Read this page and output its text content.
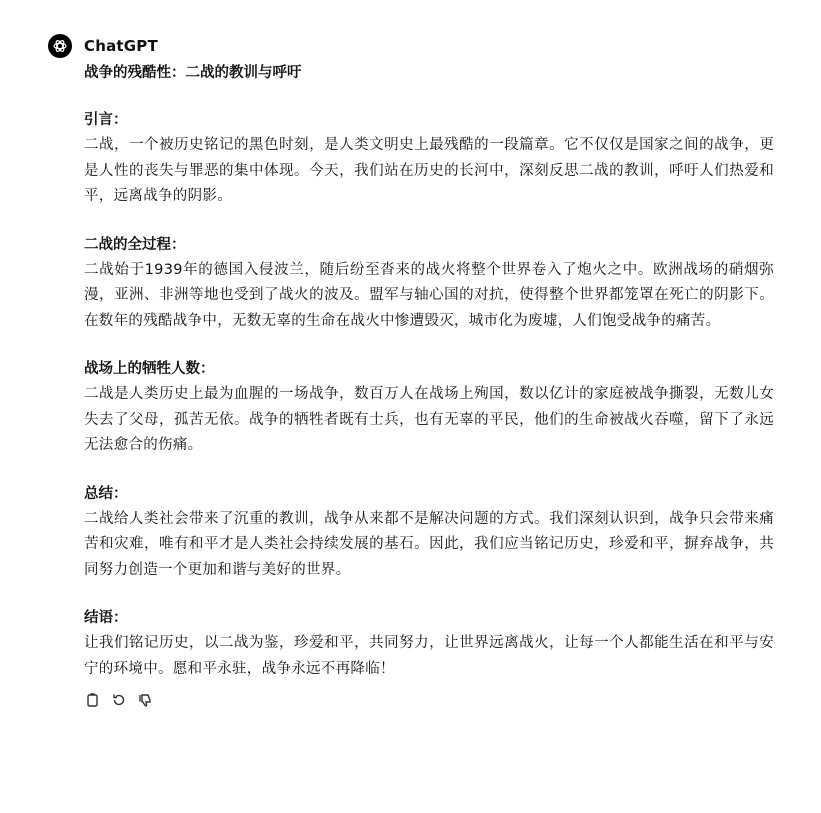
ChatGPT
战争的残酷性：二战的教训与呼吁
引言：
二战，一个被历史铭记的黑色时刻，是人类文明史上最残酷的一段篇章。它不仅仅是国家之间的战争，更是人性的丧失与罪恶的集中体现。今天，我们站在历史的长河中，深刻反思二战的教训，呼吁人们热爱和平，远离战争的阴影。
二战的全过程：
二战始于1939年的德国入侵波兰，随后纷至沓来的战火将整个世界卷入了炮火之中。欧洲战场的硝烟弥漫，亚洲、非洲等地也受到了战火的波及。盟军与轴心国的对抗，使得整个世界都笼罩在死亡的阴影下。在数年的残酷战争中，无数无辜的生命在战火中惨遭毁灭，城市化为废墟，人们饱受战争的痛苦。
战场上的牺牲人数：
二战是人类历史上最为血腥的一场战争，数百万人在战场上殉国，数以亿计的家庭被战争撕裂，无数儿女失去了父母，孤苦无依。战争的牺牲者既有士兵，也有无辜的平民，他们的生命被战火吞噬，留下了永远无法愈合的伤痛。
总结：
二战给人类社会带来了沉重的教训，战争从来都不是解决问题的方式。我们深刻认识到，战争只会带来痛苦和灾难，唯有和平才是人类社会持续发展的基石。因此，我们应当铭记历史，珍爱和平，摒弃战争，共同努力创造一个更加和谐与美好的世界。
结语：
让我们铭记历史，以二战为鉴，珍爱和平，共同努力，让世界远离战火，让每一个人都能生活在和平与安宁的环境中。愿和平永驻，战争永远不再降临！
